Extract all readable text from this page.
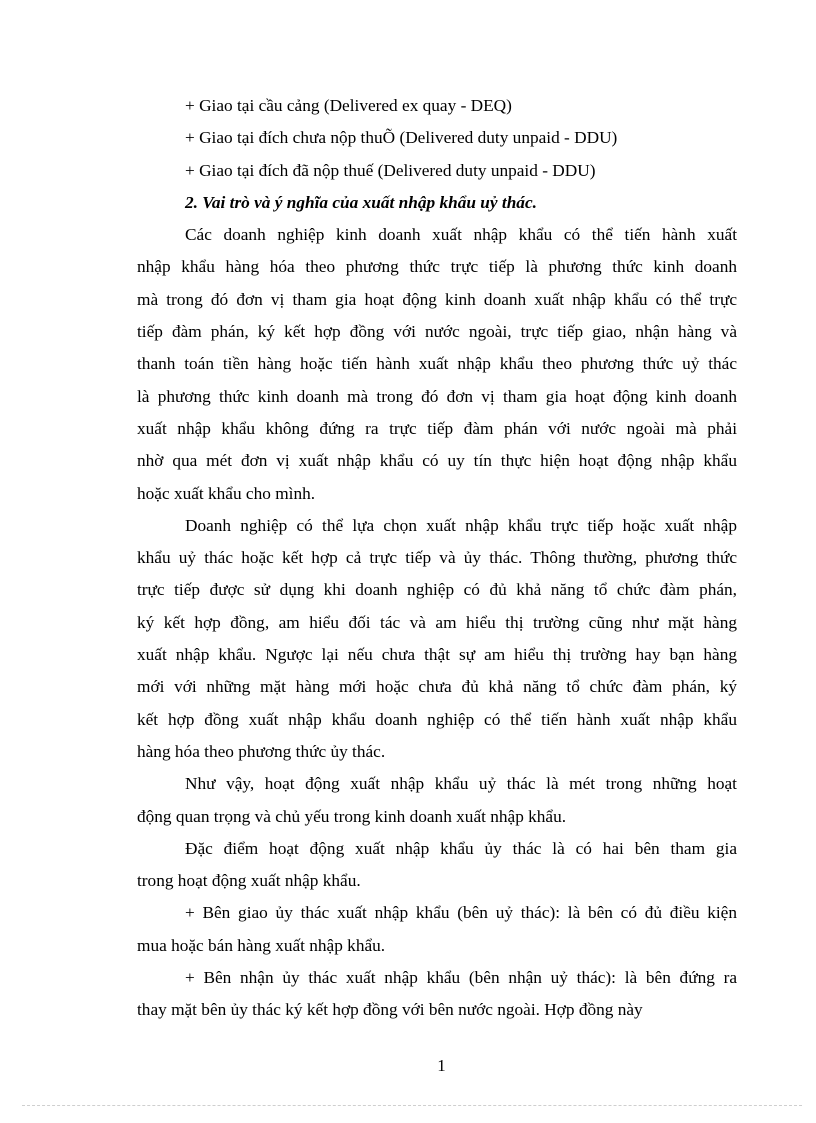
+ Giao tại cầu cảng (Delivered ex quay - DEQ)
+ Giao tại đích chưa nộp thuÕ (Delivered duty unpaid - DDU)
+ Giao tại đích đã nộp thuế (Delivered duty unpaid - DDU)
2. Vai trò và ý nghĩa của xuất nhập khẩu uỷ thác.
Các doanh nghiệp kinh doanh xuất nhập khẩu có thể tiến hành xuất
nhập khẩu hàng hóa theo phương thức trực tiếp là phương thức kinh doanh
mà trong đó đơn vị tham gia hoạt động kinh doanh xuất nhập khẩu có thể trực
tiếp đàm phán, ký kết hợp đồng với nước ngoài, trực tiếp giao, nhận hàng và
thanh toán tiền hàng hoặc tiến hành xuất nhập khẩu theo phương thức uỷ thác
là phương thức kinh doanh mà trong đó đơn vị tham gia hoạt động kinh doanh
xuất nhập khẩu không đứng ra trực tiếp đàm phán với nước ngoài mà phải
nhờ qua mét đơn vị xuất nhập khẩu có uy tín thực hiện hoạt động nhập khẩu
hoặc xuất khẩu cho mình.
Doanh nghiệp có thể lựa chọn xuất nhập khẩu trực tiếp hoặc xuất nhập
khẩu uỷ thác hoặc kết hợp cả trực tiếp và ủy thác. Thông thường, phương thức
trực tiếp được sử dụng khi doanh nghiệp có đủ khả năng tổ chức đàm phán,
ký kết hợp đồng, am hiểu đối tác và am hiểu thị trường cũng như mặt hàng
xuất nhập khẩu. Ngược lại nếu chưa thật sự am hiểu thị trường hay bạn hàng
mới với những mặt hàng mới hoặc chưa đủ khả năng tổ chức đàm phán, ký
kết hợp đồng xuất nhập khẩu doanh nghiệp có thể tiến hành xuất nhập khẩu
hàng hóa theo phương thức ủy thác.
Như vậy, hoạt động xuất nhập khẩu uỷ thác là mét trong những hoạt
động quan trọng và chủ yếu trong kinh doanh xuất nhập khẩu.
Đặc điểm hoạt động xuất nhập khẩu ủy thác là có hai bên tham gia
trong hoạt động xuất nhập khẩu.
+ Bên giao ủy thác xuất nhập khẩu (bên uỷ thác): là bên có đủ điều kiện
mua hoặc bán hàng xuất nhập khẩu.
+ Bên nhận ủy thác xuất nhập khẩu (bên nhận uỷ thác): là bên đứng ra
thay mặt bên ủy thác ký kết hợp đồng với bên nước ngoài. Hợp đồng này
1
